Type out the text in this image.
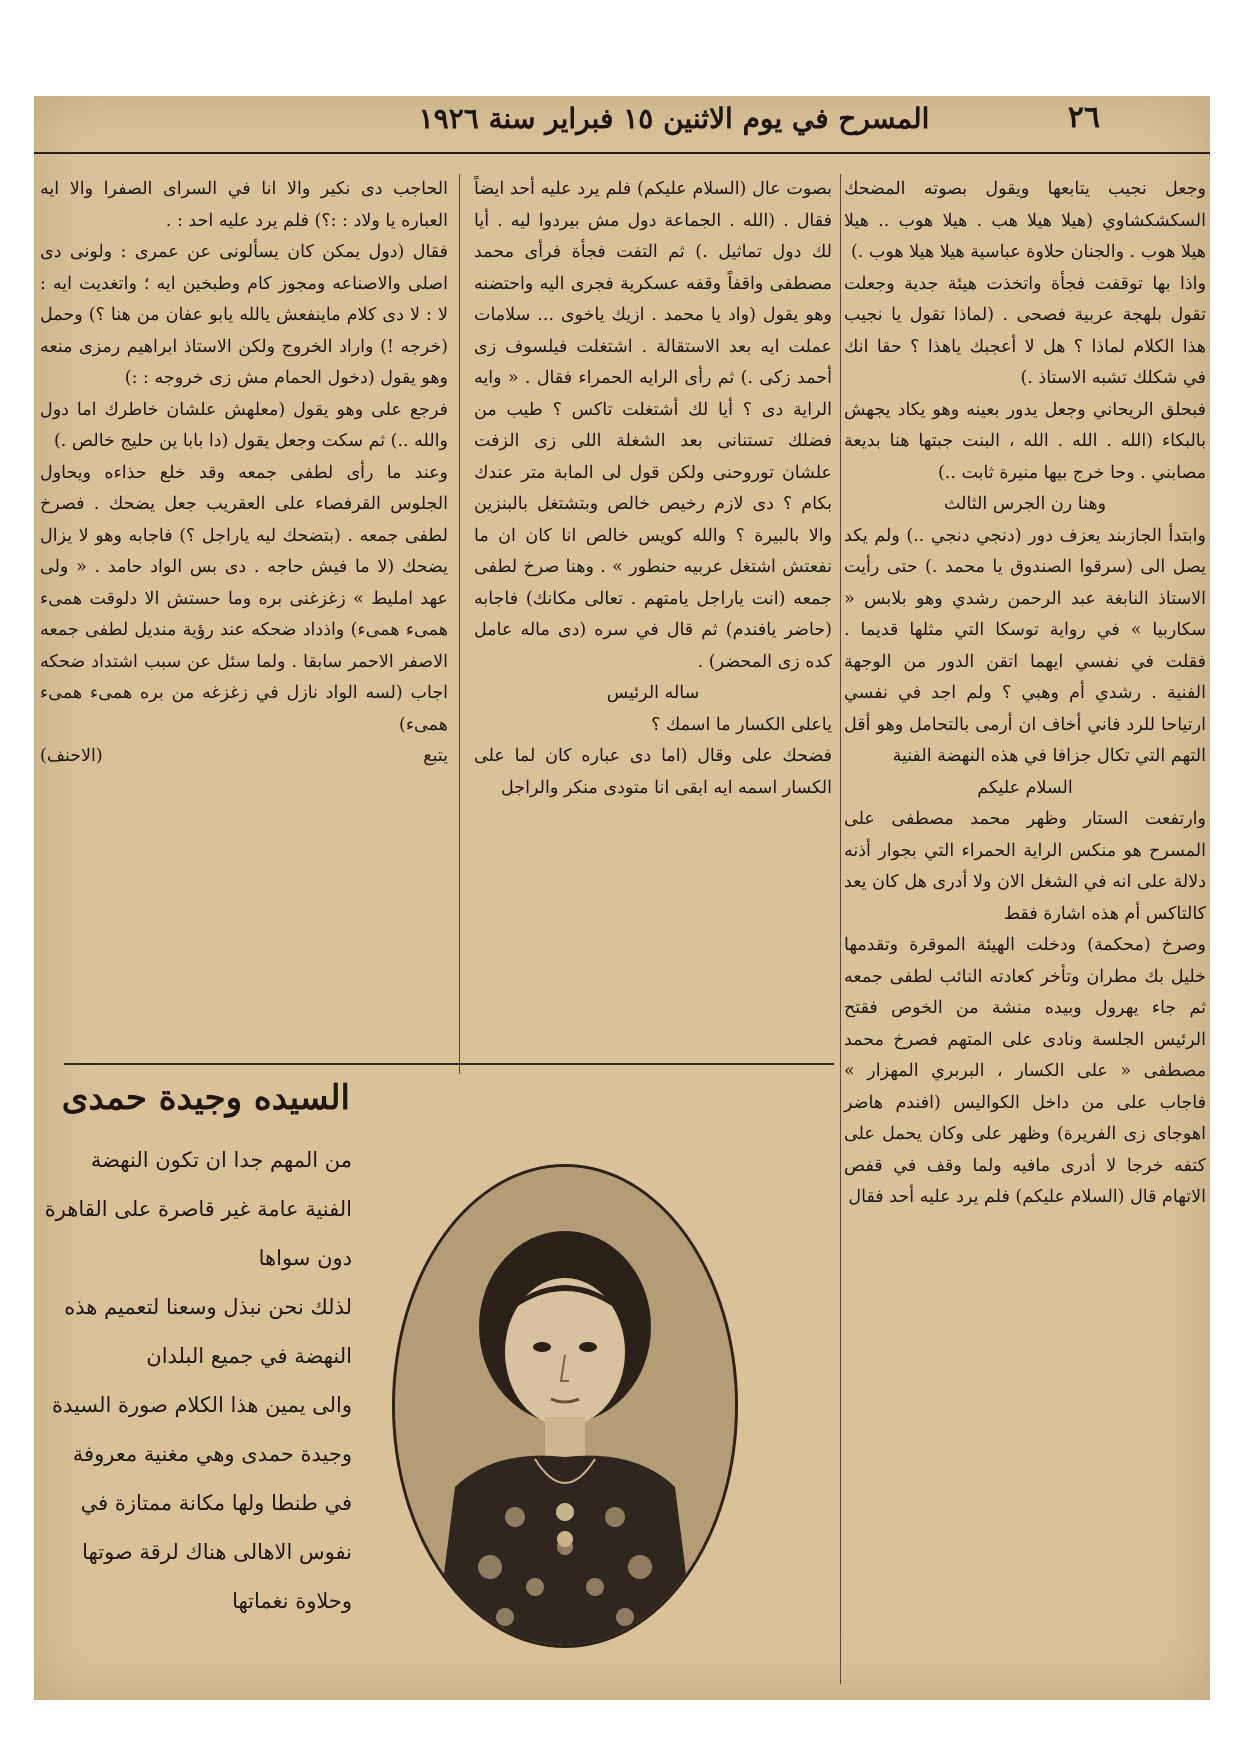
٢٦
المسرح في يوم الاثنين ١٥ فبراير سنة ١٩٢٦

وجعل نجيب يتابعها ويقول بصوته المضحك السكشكشاوي (هيلا هيلا هب . هيلا هوب .. هيلا هيلا هوب . والجنان حلاوة عباسية هيلا هيلا هوب .)

واذا بها توقفت فجأة واتخذت هيئة جدية وجعلت تقول بلهجة عربية فصحى . (لماذا تقول يا نجيب هذا الكلام لماذا ؟ هل لا أعجبك ياهذا ؟ حقا انك في شكلك تشبه الاستاذ .)

فبحلق الريحاني وجعل يدور بعينه وهو يكاد يجهش بالبكاء (الله . الله . الله ، البنت جبتها هنا بديعة مصابني . وحا خرج بيها منيرة ثابت ..)

وهنا رن الجرس الثالث

وابتدأ الجازبند يعزف دور (دنجي دنجي ..) ولم يكد يصل الى (سرقوا الصندوق يا محمد .) حتى رأيت الاستاذ النابغة عبد الرحمن رشدي وهو بلابس « سكاربيا » في رواية توسكا التي مثلها قديما . فقلت في نفسي ايهما اتقن الدور من الوجهة الفنية . رشدي أم وهبي ؟ ولم اجد في نفسي ارتياحا للرد فاني أخاف ان أرمى بالتحامل وهو أقل التهم التي تكال جزافا في هذه النهضة الفنية

السلام عليكم

وارتفعت الستار وظهر محمد مصطفى على المسرح هو منكس الراية الحمراء التي بجوار أذنه دلالة على انه في الشغل الان ولا أدرى هل كان يعد كالتاكس أم هذه اشارة فقط

وصرخ (محكمة) ودخلت الهيئة الموقرة وتقدمها خليل بك مطران وتأخر كعادته النائب لطفى جمعه ثم جاء يهرول وبيده منشة من الخوص فقتح الرئيس الجلسة ونادى على المتهم فصرخ محمد مصطفى « على الكسار ، البربري المهزار » فاجاب على من داخل الكواليس (افندم هاضر اهوجاى زى الفريرة) وظهر على وكان يحمل على كتفه خرجا لا أدرى مافيه ولما وقف في قفص الاتهام قال (السلام عليكم) فلم يرد عليه أحد فقال

بصوت عال (السلام عليكم) فلم يرد عليه أحد ايضاً فقال . (الله . الجماعة دول مش بيردوا ليه . أيا لك دول تماثيل .) ثم التفت فجأة فرأى محمد مصطفى واقفاً وقفه عسكرية فجرى اليه واحتضنه وهو يقول (واد يا محمد . ازيك ياخوى ... سلامات عملت ايه بعد الاستقالة . اشتغلت فيلسوف زى أحمد زكى .) ثم رأى الرايه الحمراء فقال . « وايه الراية دى ؟ أيا لك أشتغلت تاكس ؟ طيب من فضلك تستنانى بعد الشغلة اللى زى الزفت علشان توروحنى ولكن قول لى المابة متر عندك بكام ؟ دى لازم رخيص خالص وبتشتغل بالبنزين والا بالبيرة ؟ والله كويس خالص انا كان ان ما نفعتش اشتغل عربيه حنطور » . وهنا صرخ لطفى جمعه (انت ياراجل يامتهم . تعالى مكانك) فاجابه (حاضر يافندم) ثم قال في سره (دى ماله عامل كده زى المحضر) .

ساله الرئيس

ياعلى الكسار ما اسمك ؟

فضحك على وقال (اما دى عباره كان لما على الكسار اسمه ايه ابقى انا متودى منكر والراجل

الحاجب دى نكير والا انا في السراى الصفرا والا ايه العباره يا ولاد : :؟) فلم يرد عليه احد : .

فقال (دول يمكن كان يسألونى عن عمرى : ولونى دى اصلى والاصناعه ومجوز كام وطبخين ايه ؛ واتغديت ايه : لا : لا دى كلام ماينفعش يالله يابو عفان من هنا ؟) وحمل (خرجه !) واراد الخروج ولكن الاستاذ ابراهيم رمزى منعه وهو يقول (دخول الحمام مش زى خروجه : :)

فرجع على وهو يقول (معلهش علشان خاطرك اما دول والله ..) ثم سكت وجعل يقول (دا بابا ين حليج خالص .)

وعند ما رأى لطفى جمعه وقد خلع حذاءه ويحاول الجلوس القرفصاء على العقريب جعل يضحك . فصرخ لطفى جمعه . (بتضحك ليه ياراجل ؟) فاجابه وهو لا يزال يضحك (لا ما فيش حاجه . دى بس الواد حامد . « ولى عهد امليط » زغزغنى بره وما حستش الا دلوقت همىء همىء همىء) واذداد ضحكه عند رؤية منديل لطفى جمعه الاصفر الاحمر سابقا . ولما سئل عن سبب اشتداد ضحكه اجاب (لسه الواد نازل في زغزغه من بره همىء همىء همىء)

يتبع
(الاحنف)

السيده وجيدة حمدى

من المهم جدا ان تكون النهضة الفنية عامة غير قاصرة على القاهرة دون سواها

لذلك نحن نبذل وسعنا لتعميم هذه النهضة في جميع البلدان

والى يمين هذا الكلام صورة السيدة وجيدة حمدى وهي مغنية معروفة في طنطا ولها مكانة ممتازة في نفوس الاهالى هناك لرقة صوتها وحلاوة نغماتها
